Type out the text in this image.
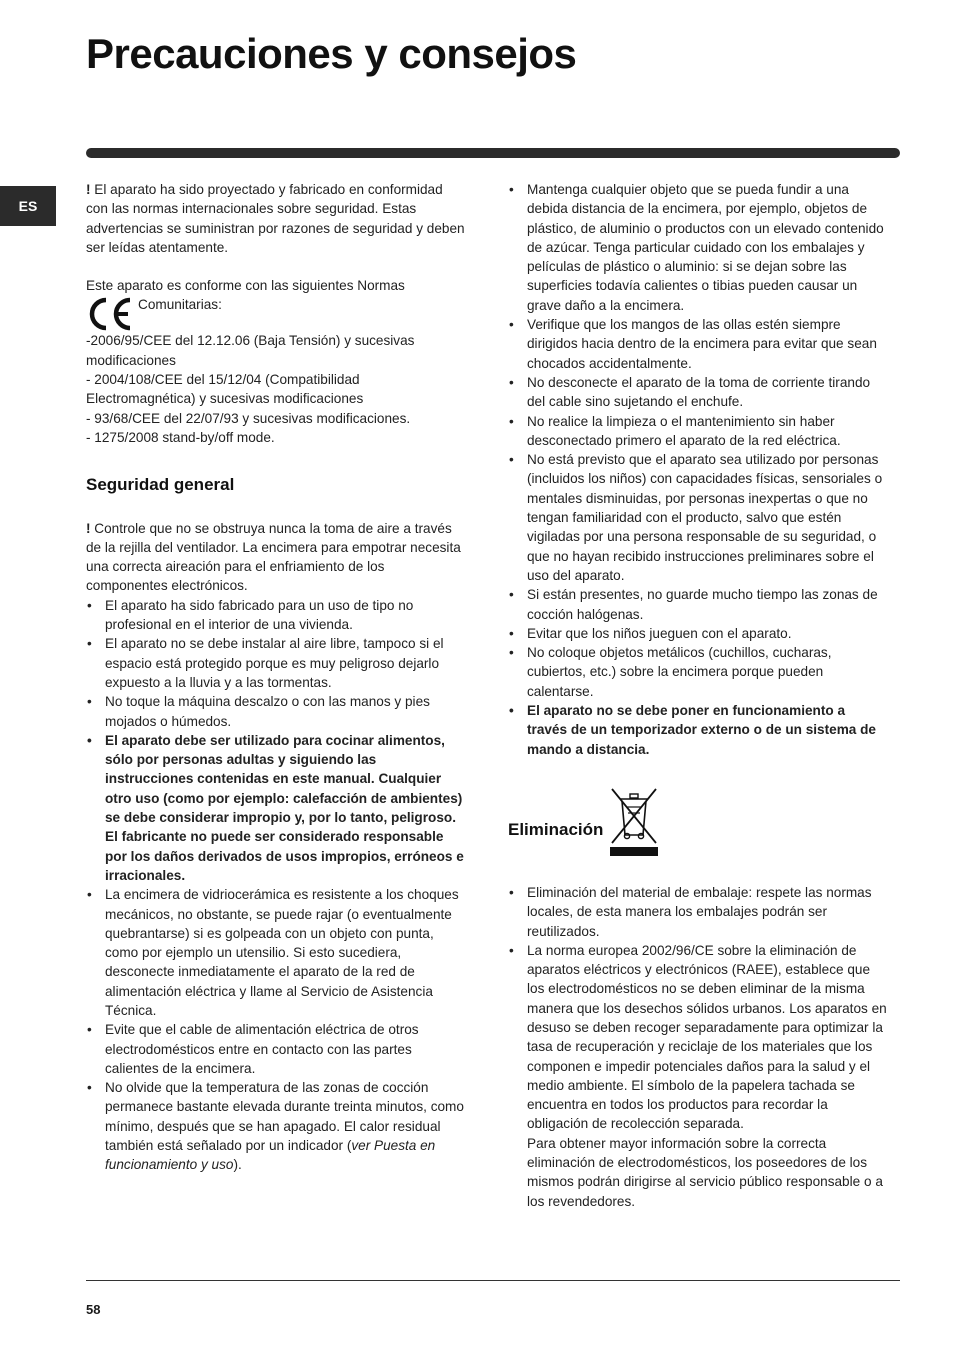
Precauciones y consejos
ES

! El aparato ha sido proyectado y fabricado en conformidad con las normas internacionales sobre seguridad. Estas advertencias se suministran por razones de seguridad y deben ser leídas atentamente.

Este aparato es conforme con las siguientes Normas

Comunitarias:

-2006/95/CEE del 12.12.06 (Baja Tensión) y sucesivas modificaciones

- 2004/108/CEE del 15/12/04 (Compatibilidad Electromagnética) y sucesivas modificaciones

- 93/68/CEE del 22/07/93 y sucesivas modificaciones.

- 1275/2008 stand-by/off mode.

Seguridad general

! Controle que no se obstruya nunca la toma de aire a través de la rejilla del ventilador. La encimera para empotrar necesita una correcta aireación para el enfriamiento de los componentes electrónicos.

• El aparato ha sido fabricado para un uso de tipo no profesional en el interior de una vivienda.
• El aparato no se debe instalar al aire libre, tampoco si el espacio está protegido porque es muy peligroso dejarlo expuesto a la lluvia y a las tormentas.
• No toque la máquina descalzo o con las manos y pies mojados o húmedos.
• El aparato debe ser utilizado para cocinar alimentos, sólo por personas adultas y siguiendo las instrucciones contenidas en este manual. Cualquier otro uso (como por ejemplo: calefacción de ambientes) se debe considerar impropio y, por lo tanto, peligroso. El fabricante no puede ser considerado responsable por los daños derivados de usos impropios, erróneos e irracionales.
• La encimera de vidriocerámica es resistente a los choques mecánicos, no obstante, se puede rajar (o eventualmente quebrantarse) si es golpeada con un objeto con punta, como por ejemplo un utensilio. Si esto sucediera, desconecte inmediatamente el aparato de la red de alimentación eléctrica y llame al Servicio de Asistencia Técnica.
• Evite que el cable de alimentación eléctrica de otros electrodomésticos entre en contacto con las partes calientes de la encimera.
• No olvide que la temperatura de las zonas de cocción permanece bastante elevada durante treinta minutos, como mínimo, después que se han apagado. El calor residual también está señalado por un indicador (ver Puesta en funcionamiento y uso).
• Mantenga cualquier objeto que se pueda fundir a una debida distancia de la encimera, por ejemplo, objetos de plástico, de aluminio o productos con un elevado contenido de azúcar. Tenga particular cuidado con los embalajes y películas de plástico o aluminio: si se dejan sobre las superficies todavía calientes o tibias pueden causar un grave daño a la encimera.
• Verifique que los mangos de las ollas estén siempre dirigidos hacia dentro de la encimera para evitar que sean chocados accidentalmente.
• No desconecte el aparato de la toma de corriente tirando del cable sino sujetando el enchufe.
• No realice la limpieza o el mantenimiento sin haber desconectado primero el aparato de la red eléctrica.
• No está previsto que el aparato sea utilizado por personas (incluidos los niños) con capacidades físicas, sensoriales o mentales disminuidas, por personas inexpertas o que no tengan familiaridad con el producto, salvo que estén vigiladas por una persona responsable de su seguridad, o que no hayan recibido instrucciones preliminares sobre el uso del aparato.
• Si están presentes, no guarde mucho tiempo las zonas de cocción halógenas.
• Evitar que los niños jueguen con el aparato.
• No coloque objetos metálicos (cuchillos, cucharas, cubiertos, etc.) sobre la encimera porque pueden calentarse.
• El aparato no se debe poner en funcionamiento a través de un temporizador externo o de un sistema de mando a distancia.
Eliminación
• Eliminación del material de embalaje: respete las normas locales, de esta manera los embalajes podrán ser reutilizados.
• La norma europea 2002/96/CE sobre la eliminación de aparatos eléctricos y electrónicos (RAEE), establece que los electrodomésticos no se deben eliminar de la misma manera que los desechos sólidos urbanos. Los aparatos en desuso se deben recoger separadamente para optimizar la tasa de recuperación y reciclaje de los materiales que los componen e impedir potenciales daños para la salud y el medio ambiente. El símbolo de la papelera tachada se encuentra en todos los productos para recordar la obligación de recolección separada.

Para obtener mayor información sobre la correcta eliminación de electrodomésticos, los poseedores de los mismos podrán dirigirse al servicio público responsable o a los revendedores.

58
